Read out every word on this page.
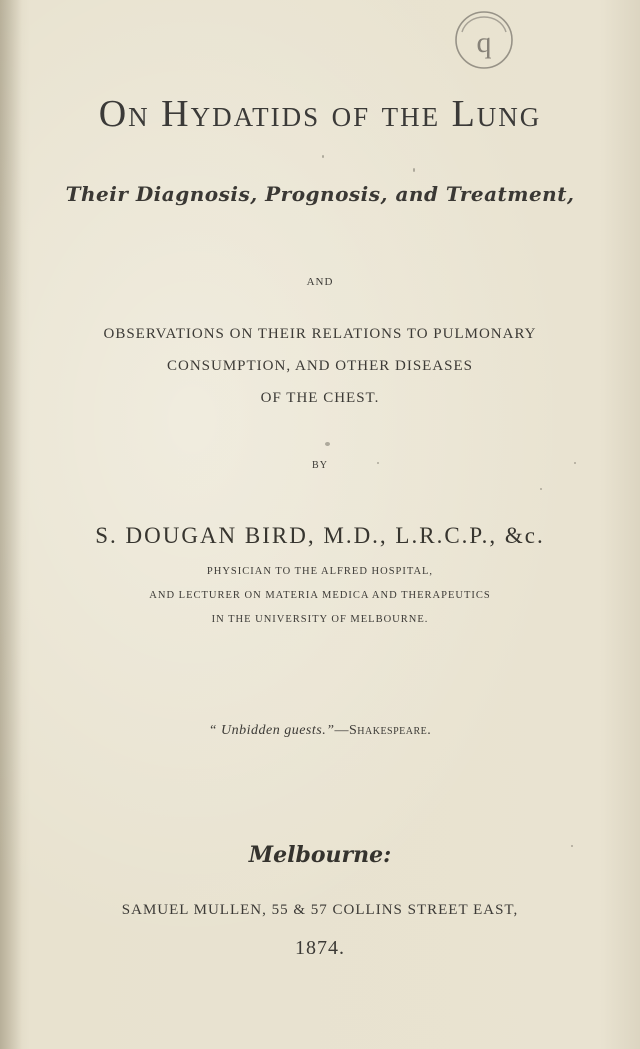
q
On Hydatids of the Lung
Their Diagnosis, Prognosis, and Treatment,
AND
OBSERVATIONS ON THEIR RELATIONS TO PULMONARY
CONSUMPTION, AND OTHER DISEASES
OF THE CHEST.
BY
S. DOUGAN BIRD, M.D., L.R.C.P., &c.
PHYSICIAN TO THE ALFRED HOSPITAL,
AND LECTURER ON MATERIA MEDICA AND THERAPEUTICS
IN THE UNIVERSITY OF MELBOURNE.
“ Unbidden guests.”—Shakespeare.
Melbourne:
SAMUEL MULLEN, 55 & 57 COLLINS STREET EAST,
1874.
